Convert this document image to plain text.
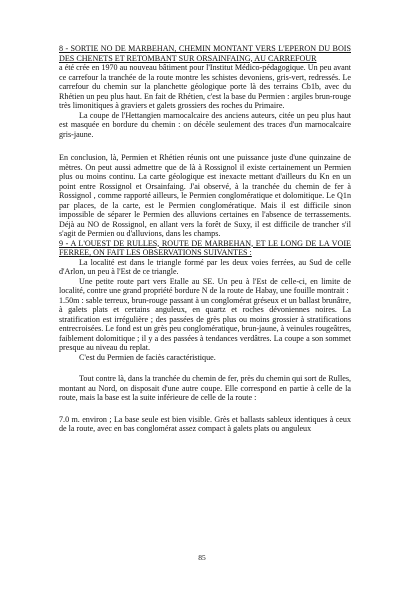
8 - SORTIE NO DE MARBEHAN, CHEMIN MONTANT VERS L'EPERON DU BOIS DES CHENETS ET RETOMBANT SUR ORSAINFAING, AU CARREFOUR

a été crée en 1970 au nouveau bâtiment pour l'Institut Médico-pédagogique. Un peu avant ce carrefour la tranchée de la route montre les schistes devoniens, gris-vert, redressés. Le carrefour du chemin sur la planchette géologique porte là des terrains Cb1b, avec du Rhétien un peu plus haut. En fait de Rhétien, c'est la base du Permien : argiles brun-rouge très limonitiques à graviers et galets grossiers des roches du Primaire.

La coupe de l'Hettangien marnocalcaire des anciens auteurs, citée un peu plus haut est masquée en bordure du chemin : on décèle seulement des traces d'un marnocalcaire gris-jaune.

En conclusion, là, Permien et Rhétien réunis ont une puissance juste d'une quinzaine de mètres. On peut aussi admettre que de là à Rossignol il existe certainement un Permien plus ou moins continu. La carte géologique est inexacte mettant d'ailleurs du Kn en un point entre Rossignol et Orsainfaing. J'ai observé, à la tranchée du chemin de fer à Rossignol , comme rapporté ailleurs, le Permien conglomératique et dolomitique. Le Q1n par places, de la carte, est le Permien conglomératique. Mais il est difficile sinon impossible de séparer le Permien des alluvions certaines en l'absence de terrassements. Déjà au NO de Rossignol, en allant vers la forêt de Suxy, il est difficile de trancher s'il s'agit de Permien ou d'alluvions, dans les champs.

9 - A L'OUEST DE RULLES, ROUTE DE MARBEHAN, ET LE LONG DE LA VOIE FERREE, ON FAIT LES OBSERVATIONS SUIVANTES :

La localité est dans le triangle formé par les deux voies ferrées, au Sud de celle d'Arlon, un peu à l'Est de ce triangle.

Une petite route part vers Etalle au SE. Un peu à l'Est de celle-ci, en limite de localité, contre une grand propriété bordure N de la route de Habay, une fouille montrait :

1.50m : sable terreux, brun-rouge passant à un conglomérat gréseux et un ballast brunâtre, à galets plats et certains anguleux, en quartz et roches dévoniennes noires. La stratification est irrégulière ; des passées de grès plus ou moins grossier à stratifications entrecroisées. Le fond est un grès peu conglomératique, brun-jaune, à veinules rougeâtres, faiblement dolomitique ; il y a des passées à tendances verdâtres. La coupe a son sommet presque au niveau du replat.

C'est du Permien de faciès caractéristique.

Tout contre là, dans la tranchée du chemin de fer, près du chemin qui sort de Rulles, montant au Nord, on disposait d'une autre coupe. Elle correspond en partie à celle de la route, mais la base est la suite inférieure de celle de la route :

7.0 m. environ ; La base seule est bien visible. Grès et ballasts sableux identiques à ceux de la route, avec en bas conglomérat assez compact à galets plats ou anguleux

85
